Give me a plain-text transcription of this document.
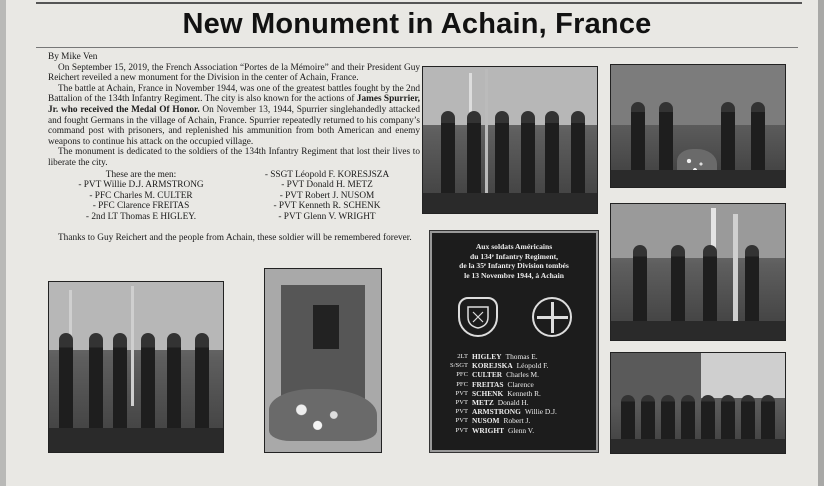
New Monument in Achain, France

By Mike Ven

On September 15, 2019, the French Association “Portes de la Mémoire” and their President Guy Reichert reveiled a new monument for the Division in the center of Achain, France.

The battle at Achain, France in November 1944, was one of the greatest battles fought by the 2nd Battalion of the 134th Infantry Regiment. The city is also known for the actions of James Spurrier, Jr. who received the Medal Of Honor. On November 13, 1944, Spurrier singlehandedly attacked and fought Germans in the village of Achain, France. Spurrier repeatedly returned to his company’s command post with prisoners, and replenished his ammunition from both American and enemy weapons to continue his attack on the occupied village.

The monument is dedicated to the soldiers of the 134th Infantry Regiment that lost their lives to liberate the city.

These are the men:
- PVT Willie D.J. ARMSTRONG
- PFC Charles M. CULTER
- PFC Clarence FREITAS
- 2nd LT Thomas E HIGLEY.
- SSGT Léopold F. KORESJSZA
- PVT Donald H. METZ
- PVT Robert J. NUSOM
- PVT Kenneth R. SCHENK
- PVT Glenn V. WRIGHT

Thanks to Guy Reichert and the people from Achain, these soldier will be remembered forever.

Aux soldats Américains
du 134ᵉ Infantry Regiment,
de la 35ᵉ Infantry Division tombés
le 13 Novembre 1944, à Achain
2LT HIGLEY Thomas E.
S/SGT KOREJSKA Léopold F.
PFC CULTER Charles M.
PFC FREITAS Clarence
PVT SCHENK Kenneth R.
PVT METZ Donald H.
PVT ARMSTRONG Willie D.J.
PVT NUSOM Robert J.
PVT WRIGHT Glenn V.
